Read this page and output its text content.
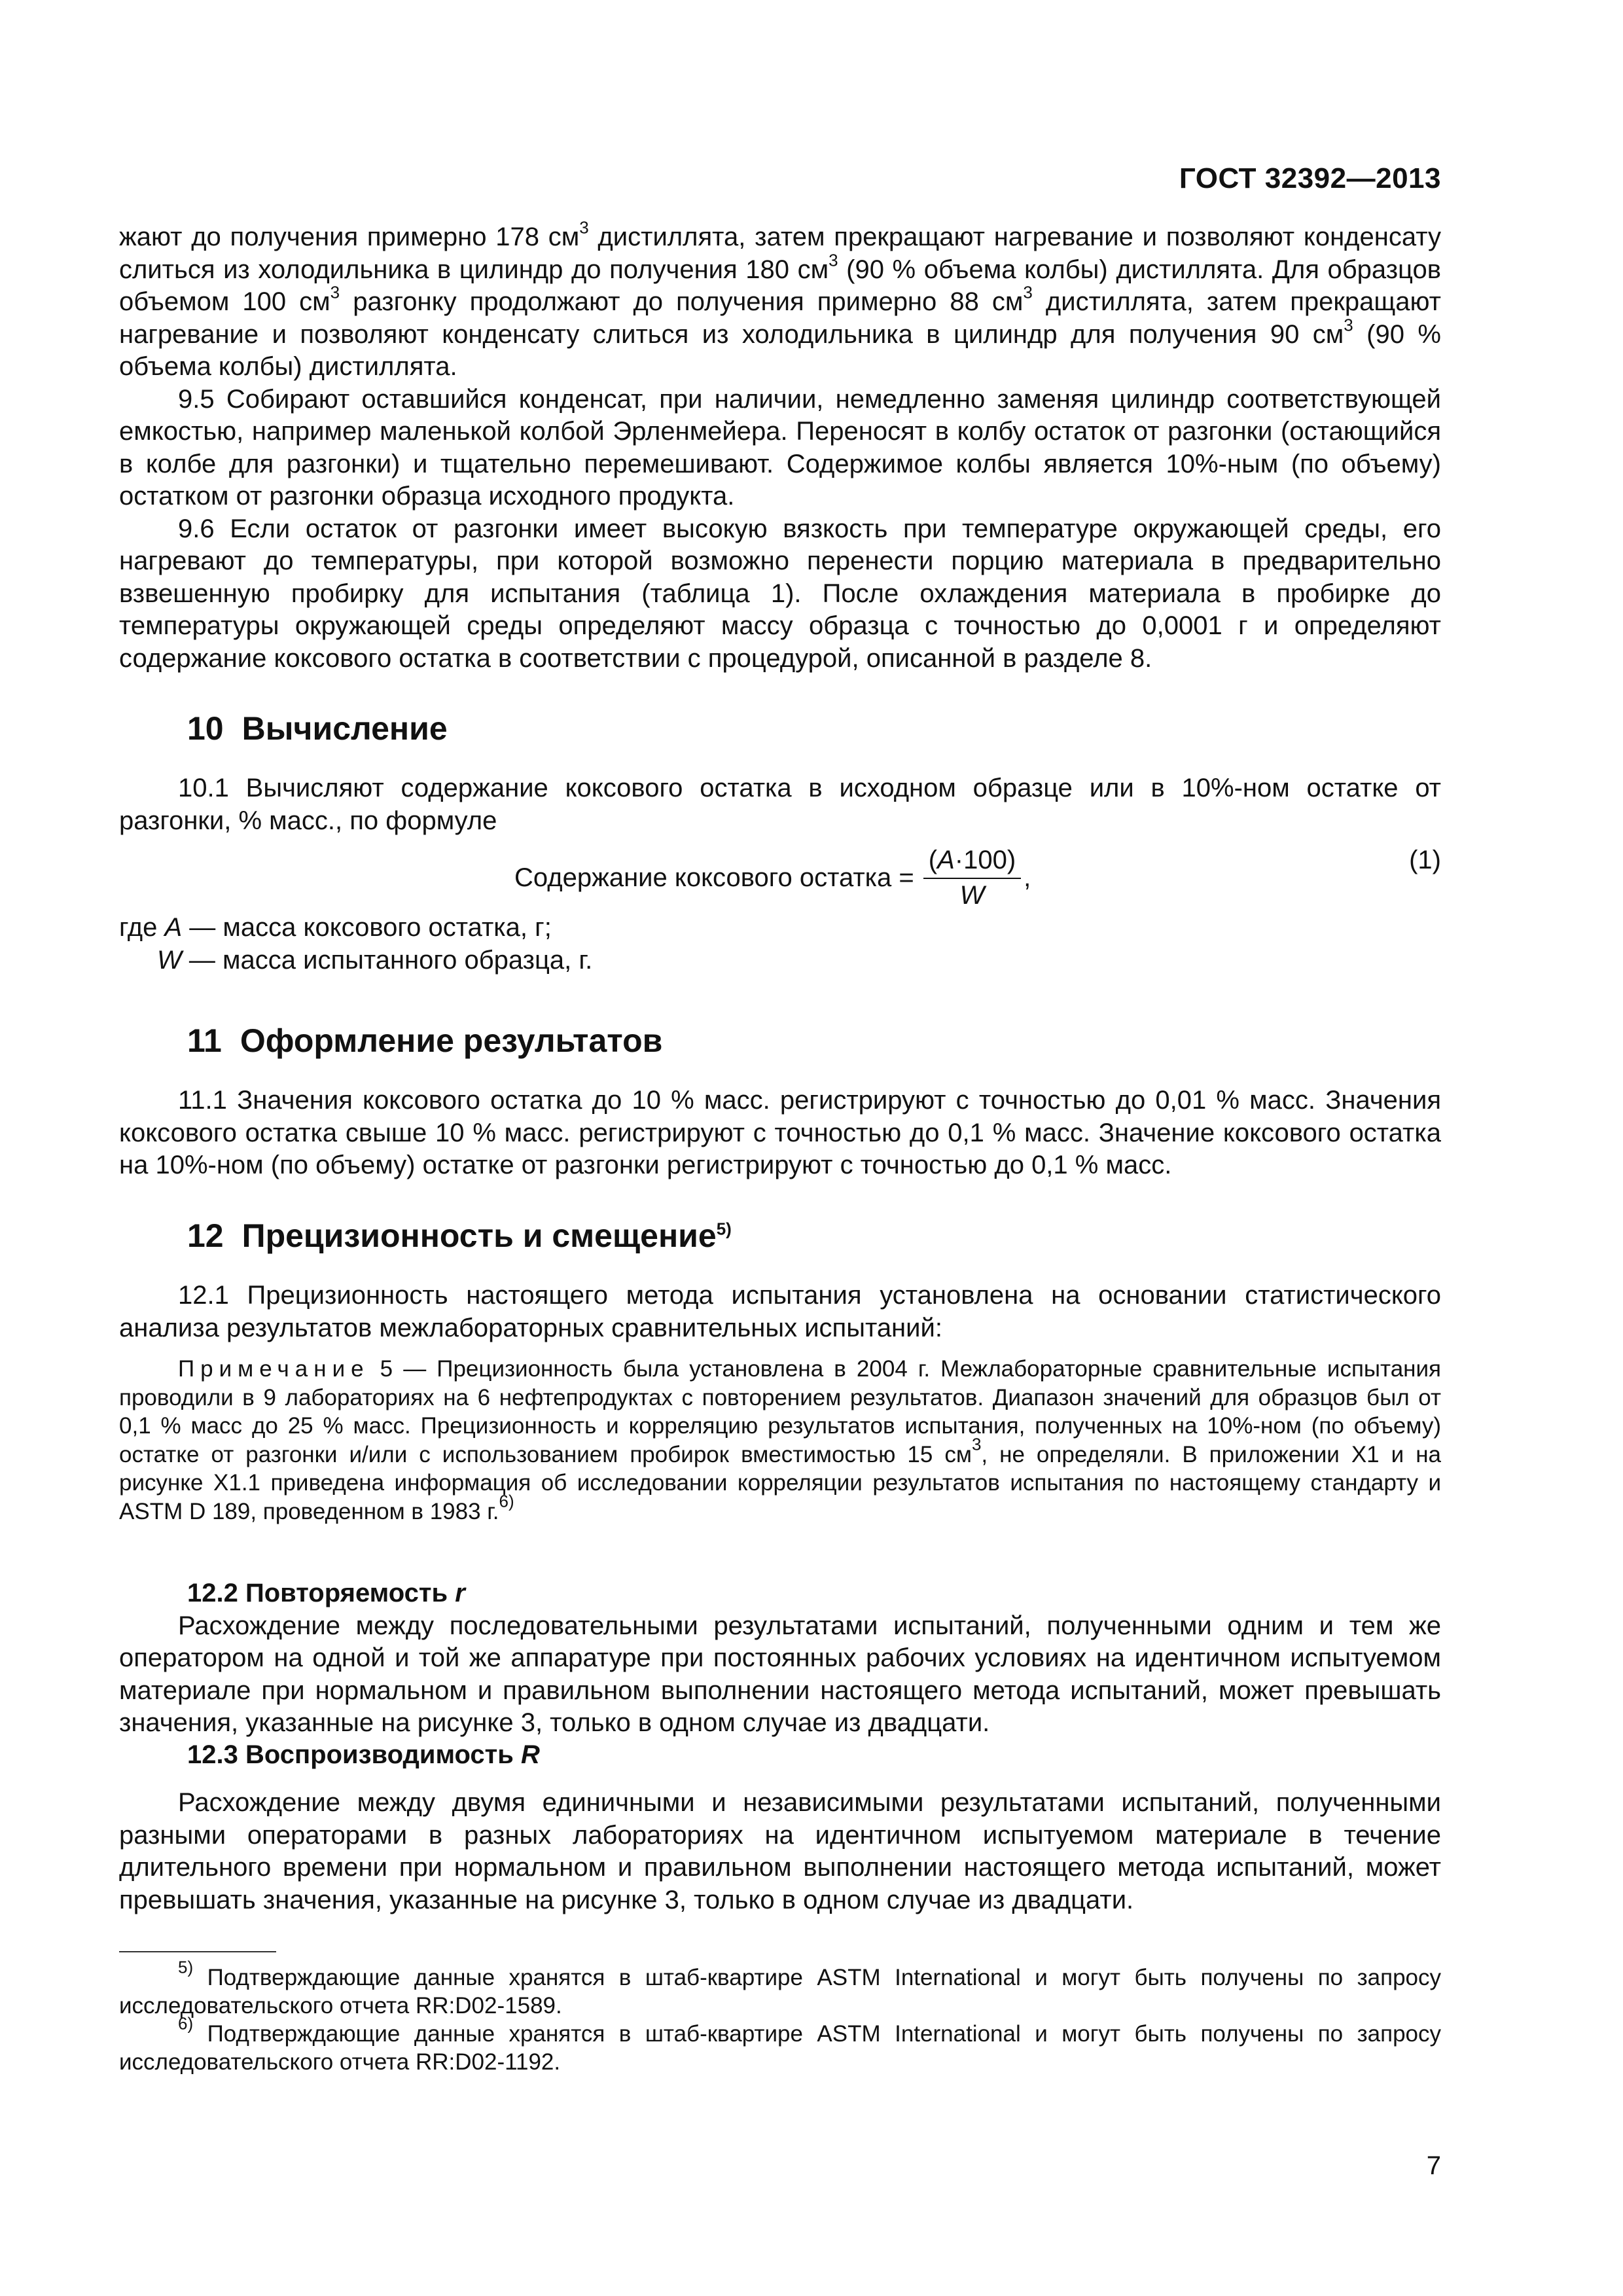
ГОСТ 32392—2013

жают до получения примерно 178 $см^3$ дистиллята, затем прекращают нагревание и позволяют конденсату слиться из холодильника в цилиндр до получения 180 $см^3$ (90 % объема колбы) дистиллята. Для образцов объемом 100 $см^3$ разгонку продолжают до получения примерно 88 $см^3$ дистиллята, затем прекращают нагревание и позволяют конденсату слиться из холодильника в цилиндр для получения 90 $см^3$ (90 % объема колбы) дистиллята.

9.5 Собирают оставшийся конденсат, при наличии, немедленно заменяя цилиндр соответствующей емкостью, например маленькой колбой Эрленмейера. Переносят в колбу остаток от разгонки (остающийся в колбе для разгонки) и тщательно перемешивают. Содержимое колбы является 10%-ным (по объему) остатком от разгонки образца исходного продукта.

9.6 Если остаток от разгонки имеет высокую вязкость при температуре окружающей среды, его нагревают до температуры, при которой возможно перенести порцию материала в предварительно взвешенную пробирку для испытания (таблица 1). После охлаждения материала в пробирке до температуры окружающей среды определяют массу образца с точностью до 0,0001 г и определяют содержание коксового остатка в соответствии с процедурой, описанной в разделе 8.

10 Вычисление

10.1 Вычисляют содержание коксового остатка в исходном образце или в 10%-ном остатке от разгонки, % масс., по формуле

Содержание коксового остатка = $\frac{(A\cdot 100)}{W}$ ,
(1)

где A — масса коксового остатка, г;

W — масса испытанного образца, г.

11 Оформление результатов

11.1 Значения коксового остатка до 10 % масс. регистрируют с точностью до 0,01 % масс. Значения коксового остатка свыше 10 % масс. регистрируют с точностью до 0,1 % масс. Значение коксового остатка на 10%-ном (по объему) остатке от разгонки регистрируют с точностью до 0,1 % масс.

12 Прецизионность и смещение$^{5)}$

12.1 Прецизионность настоящего метода испытания установлена на основании статистического анализа результатов межлабораторных сравнительных испытаний:

Примечание 5 — Прецизионность была установлена в 2004 г. Межлабораторные сравнительные испытания проводили в 9 лабораториях на 6 нефтепродуктах с повторением результатов. Диапазон значений для образцов был от 0,1 % масс до 25 % масс. Прецизионность и корреляцию результатов испытания, полученных на 10%-ном (по объему) остатке от разгонки и/или с использованием пробирок вместимостью 15 $см^3$, не определяли. В приложении X1 и на рисунке X1.1 приведена информация об исследовании корреляции результатов испытания по настоящему стандарту и ASTM D 189, проведенном в 1983 г.$^{6)}$

12.2 Повторяемость r

Расхождение между последовательными результатами испытаний, полученными одним и тем же оператором на одной и той же аппаратуре при постоянных рабочих условиях на идентичном испытуемом материале при нормальном и правильном выполнении настоящего метода испытаний, может превышать значения, указанные на рисунке 3, только в одном случае из двадцати.

12.3 Воспроизводимость R

Расхождение между двумя единичными и независимыми результатами испытаний, полученными разными операторами в разных лабораториях на идентичном испытуемом материале в течение длительного времени при нормальном и правильном выполнении настоящего метода испытаний, может превышать значения, указанные на рисунке 3, только в одном случае из двадцати.

$^{5)}$ Подтверждающие данные хранятся в штаб-квартире ASTM International и могут быть получены по запросу исследовательского отчета RR:D02-1589.

$^{6)}$ Подтверждающие данные хранятся в штаб-квартире ASTM International и могут быть получены по запросу исследовательского отчета RR:D02-1192.

7
